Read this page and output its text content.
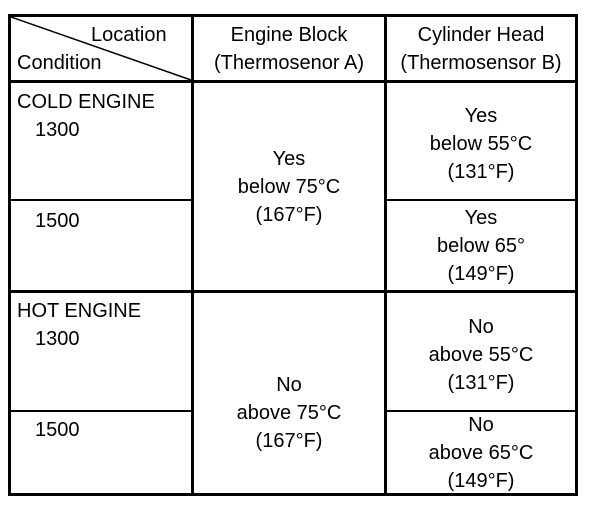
Location
Condition
Engine Block
(Thermosenor A)
Cylinder Head
(Thermosensor B)
COLD ENGINE
1300
1500
Yes
below 75°C
(167°F)
Yes
below 55°C
(131°F)
Yes
below 65°
(149°F)
HOT ENGINE
1300
1500
No
above 75°C
(167°F)
No
above 55°C
(131°F)
No
above 65°C
(149°F)
